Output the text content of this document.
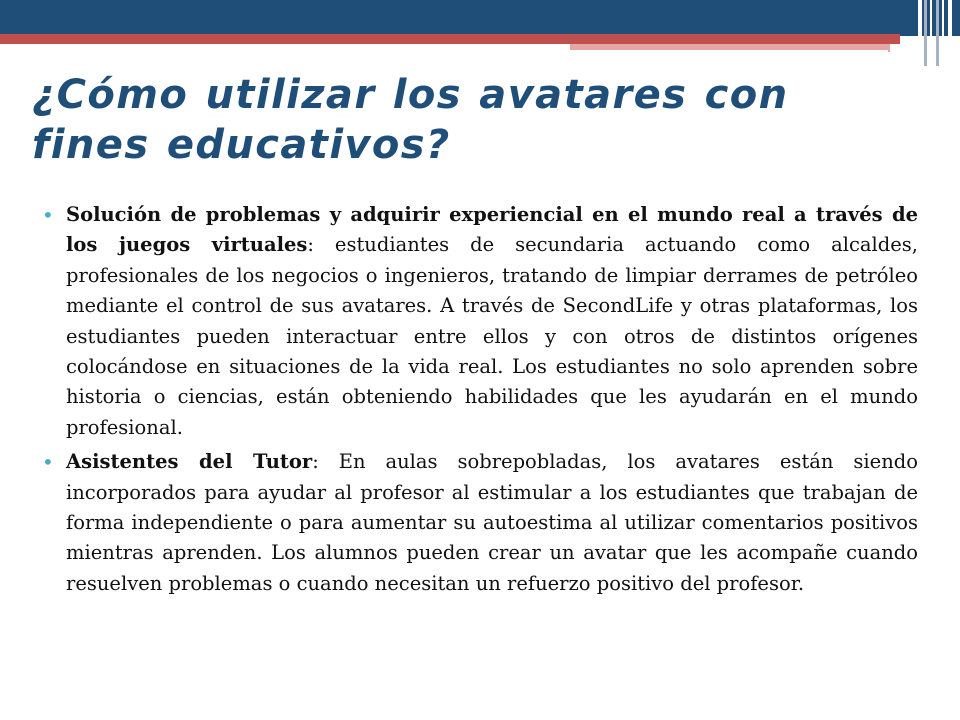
¿Cómo utilizar los avatares con fines educativos?
• Solución de problemas y adquirir experiencial en el mundo real a través de los juegos virtuales: estudiantes de secundaria actuando como alcaldes, profesionales de los negocios o ingenieros, tratando de limpiar derrames de petróleo mediante el control de sus avatares. A través de SecondLife y otras plataformas, los estudiantes pueden interactuar entre ellos y con otros de distintos orígenes colocándose en situaciones de la vida real. Los estudiantes no solo aprenden sobre historia o ciencias, están obteniendo habilidades que les ayudarán en el mundo profesional.
• Asistentes del Tutor: En aulas sobrepobladas, los avatares están siendo incorporados para ayudar al profesor al estimular a los estudiantes que trabajan de forma independiente o para aumentar su autoestima al utilizar comentarios positivos mientras aprenden. Los alumnos pueden crear un avatar que les acompañe cuando resuelven problemas o cuando necesitan un refuerzo positivo del profesor.
